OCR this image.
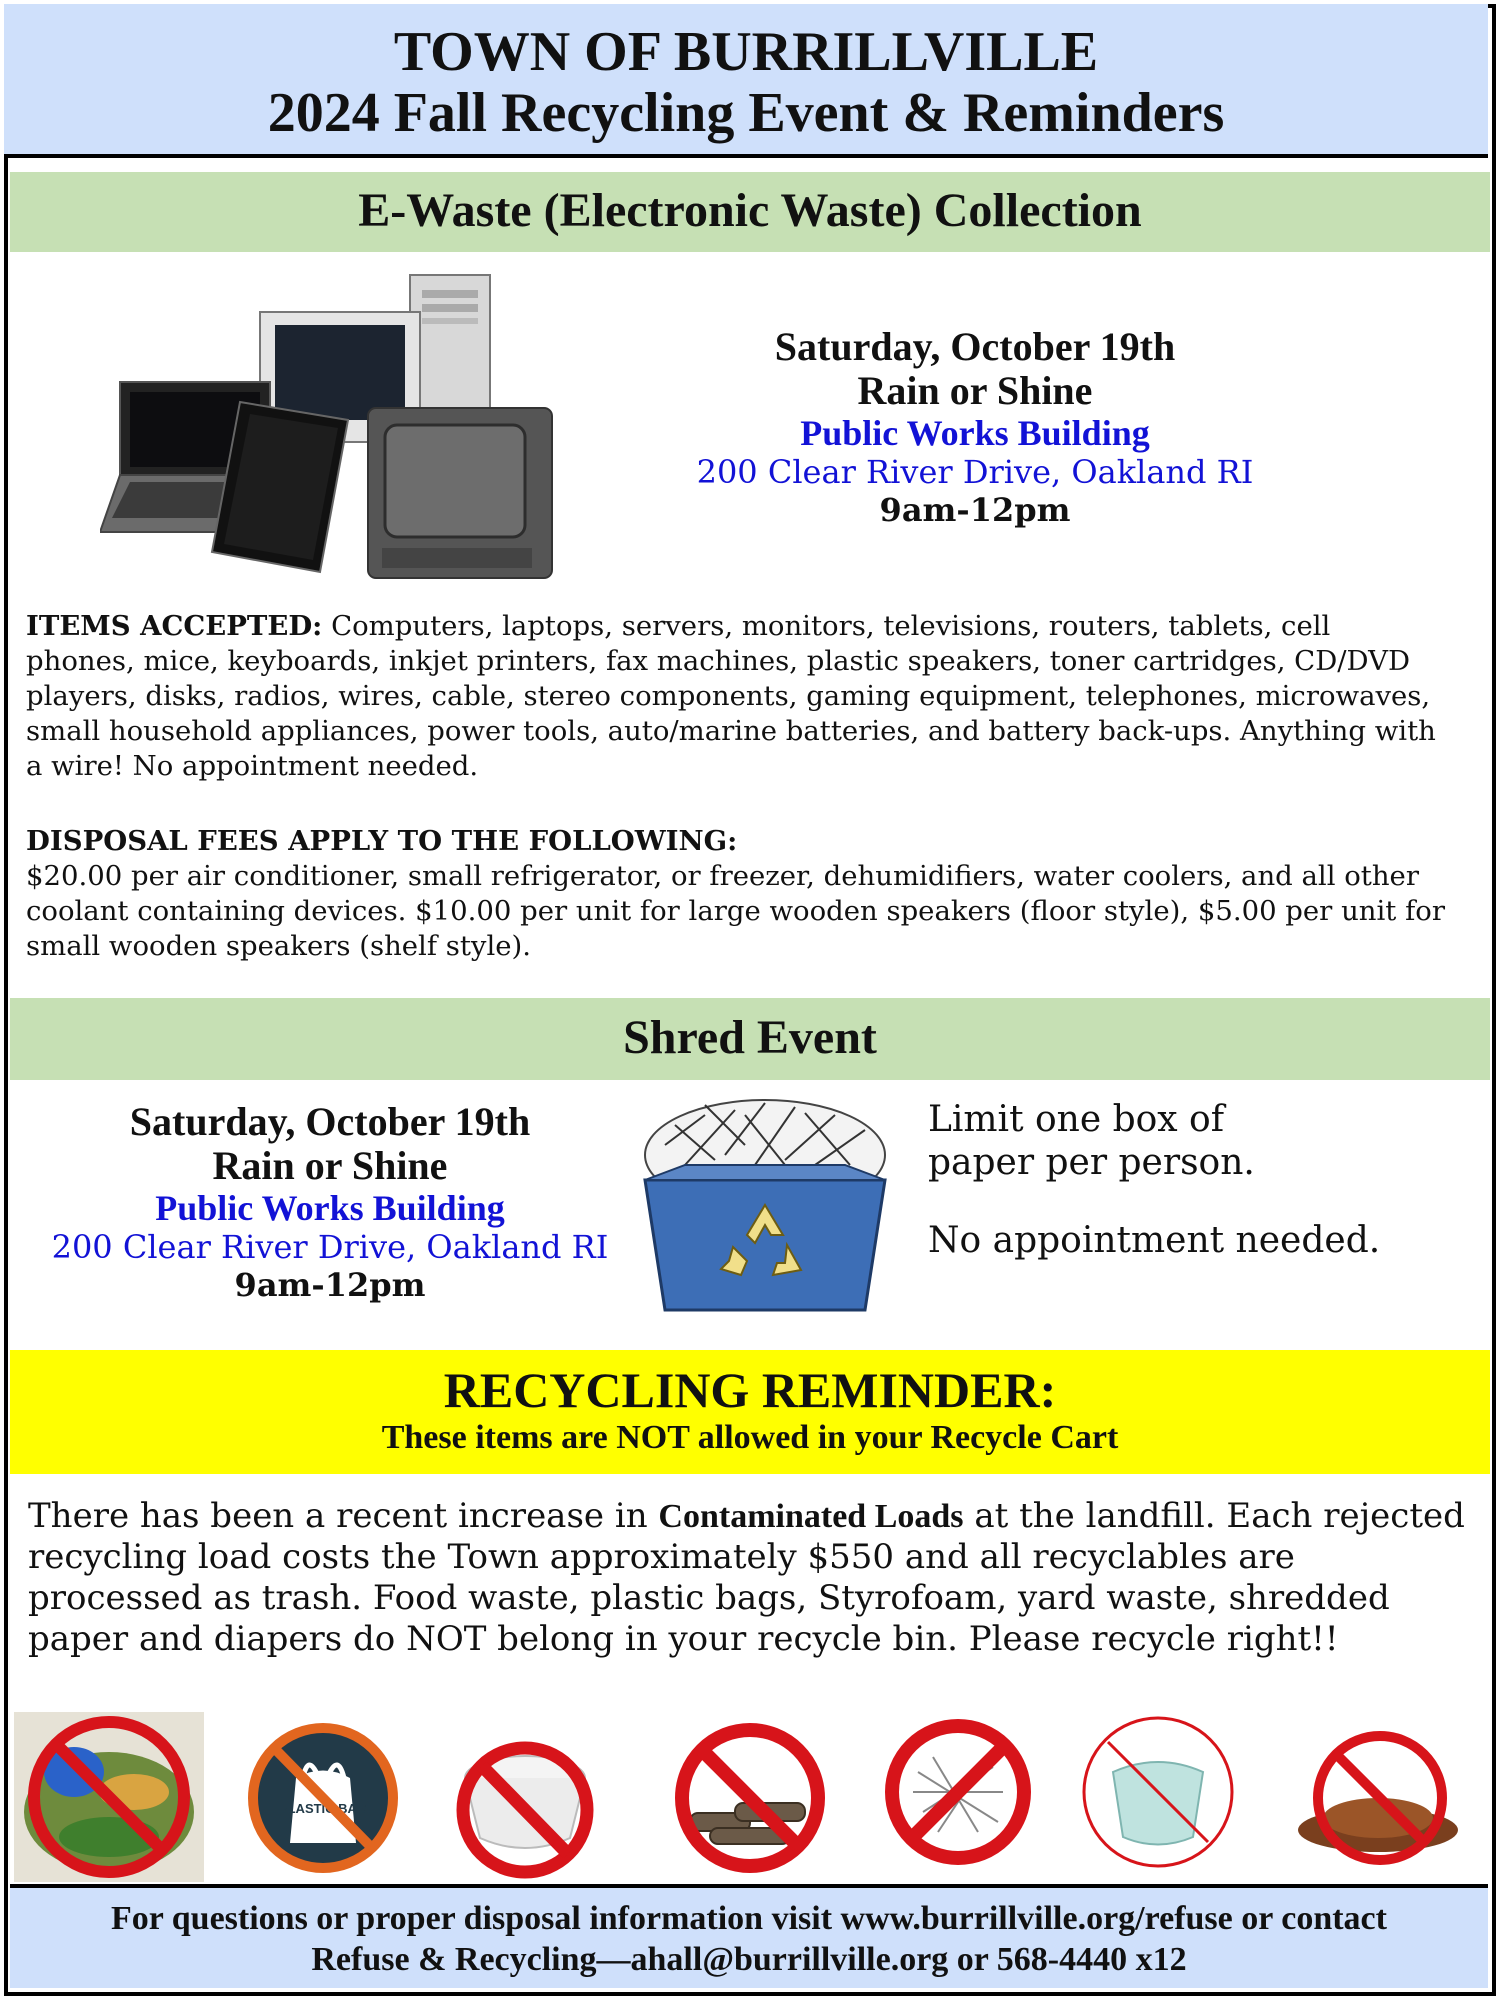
TOWN OF BURRILLVILLE
2024 Fall Recycling Event & Reminders
E-Waste (Electronic Waste) Collection
Saturday, October 19th
Rain or Shine
Public Works Building
200 Clear River Drive, Oakland RI
9am-12pm
ITEMS ACCEPTED: Computers, laptops, servers, monitors, televisions, routers, tablets, cell phones, mice, keyboards, inkjet printers, fax machines, plastic speakers, toner cartridges, CD/DVD players, disks, radios, wires, cable, stereo components, gaming equipment, telephones, microwaves, small household appliances, power tools, auto/marine batteries, and battery back-ups. Anything with a wire! No appointment needed.
DISPOSAL FEES APPLY TO THE FOLLOWING:
$20.00 per air conditioner, small refrigerator, or freezer, dehumidifiers, water coolers, and all other coolant containing devices. $10.00 per unit for large wooden speakers (floor style), $5.00 per unit for small wooden speakers (shelf style).
Shred Event
Saturday, October 19th
Rain or Shine
Public Works Building
200 Clear River Drive, Oakland RI
9am-12pm
Limit one box of
paper per person.
No appointment needed.
RECYCLING REMINDER:
These items are NOT allowed in your Recycle Cart
There has been a recent increase in Contaminated Loads at the landfill. Each rejected recycling load costs the Town approximately $550 and all recyclables are processed as trash. Food waste, plastic bags, Styrofoam, yard waste, shredded paper and diapers do NOT belong in your recycle bin. Please recycle right!!
PLASTIC BAG
For questions or proper disposal information visit www.burrillville.org/refuse or contact
Refuse & Recycling—ahall@burrillville.org or 568-4440 x12
